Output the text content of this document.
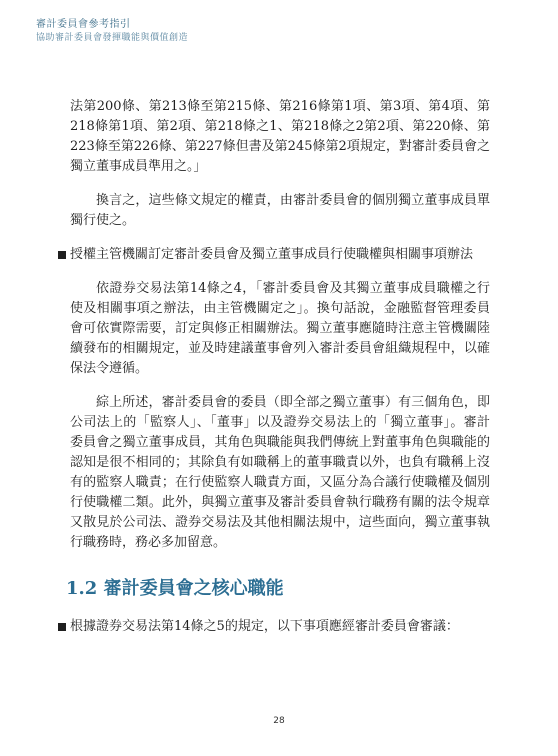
審計委員會參考指引
協助審計委員會發揮職能與價值創造

法第200條、第213條至第215條、第216條第1項、第3項、第4項、第218條第1項、第2項、第218條之1、第218條之2第2項、第220條、第223條至第226條、第227條但書及第245條第2項規定，對審計委員會之獨立董事成員準用之。」

換言之，這些條文規定的權責，由審計委員會的個別獨立董事成員單獨行使之。

授權主管機關訂定審計委員會及獨立董事成員行使職權與相關事項辦法

依證券交易法第14條之4，「審計委員會及其獨立董事成員職權之行使及相關事項之辦法，由主管機關定之」。換句話說，金融監督管理委員會可依實際需要，訂定與修正相關辦法。獨立董事應隨時注意主管機關陸續發布的相關規定，並及時建議董事會列入審計委員會組織規程中，以確保法令遵循。

綜上所述，審計委員會的委員（即全部之獨立董事）有三個角色，即公司法上的「監察人」、「董事」以及證券交易法上的「獨立董事」。審計委員會之獨立董事成員，其角色與職能與我們傳統上對董事角色與職能的認知是很不相同的；其除負有如職稱上的董事職責以外，也負有職稱上沒有的監察人職責；在行使監察人職責方面，又區分為合議行使職權及個別行使職權二類。此外，與獨立董事及審計委員會執行職務有關的法令規章又散見於公司法、證券交易法及其他相關法規中，這些面向，獨立董事執行職務時，務必多加留意。

1.2 審計委員會之核心職能

根據證券交易法第14條之5的規定，以下事項應經審計委員會審議：

28
